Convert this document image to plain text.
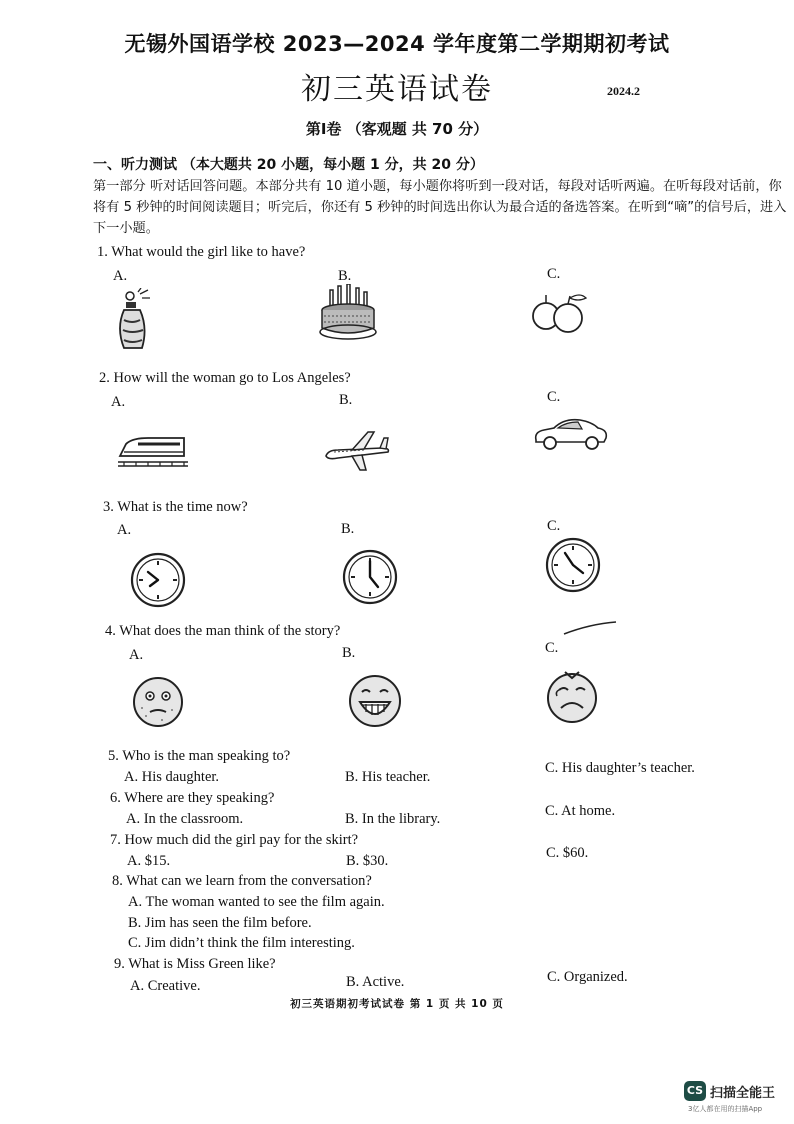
无锡外国语学校 2023—2024 学年度第二学期期初考试
初三英语试卷	2024.2
第Ⅰ卷 （客观题 共 70 分）
一、听力测试 （本大题共 20 小题，每小题 1 分，共 20 分）
第一部分 听对话回答问题。本部分共有 10 道小题，每小题你将听到一段对话，每段对话听两遍。在听每段对话前，你将有 5 秒钟的时间阅读题目；听完后，你还有 5 秒钟的时间选出你认为最合适的备选答案。在听到“嘀”的信号后，进入下一小题。
1. What would the girl like to have?
A.	B.	C.
2. How will the woman go to Los Angeles?
A.	B.	C.
3. What is the time now?
A.	B.	C.
4. What does the man think of the story?
A.	B.	C.
5. Who is the man speaking to?
A. His daughter.	B. His teacher.
C. His daughter’s teacher.
6. Where are they speaking?
A. In the classroom.	B. In the library.	C. At home.
7. How much did the girl pay for the skirt?
A. $15.	B. $30.	C. $60.
8. What can we learn from the conversation?
A. The woman wanted to see the film again.
B. Jim has seen the film before.
C. Jim didn’t think the film interesting.
9. What is Miss Green like?
A. Creative.	B. Active.	C. Organized.
初三英语期初考试试卷 第 1 页 共 10 页
CS 扫描全能王
3亿人都在用的扫描App
